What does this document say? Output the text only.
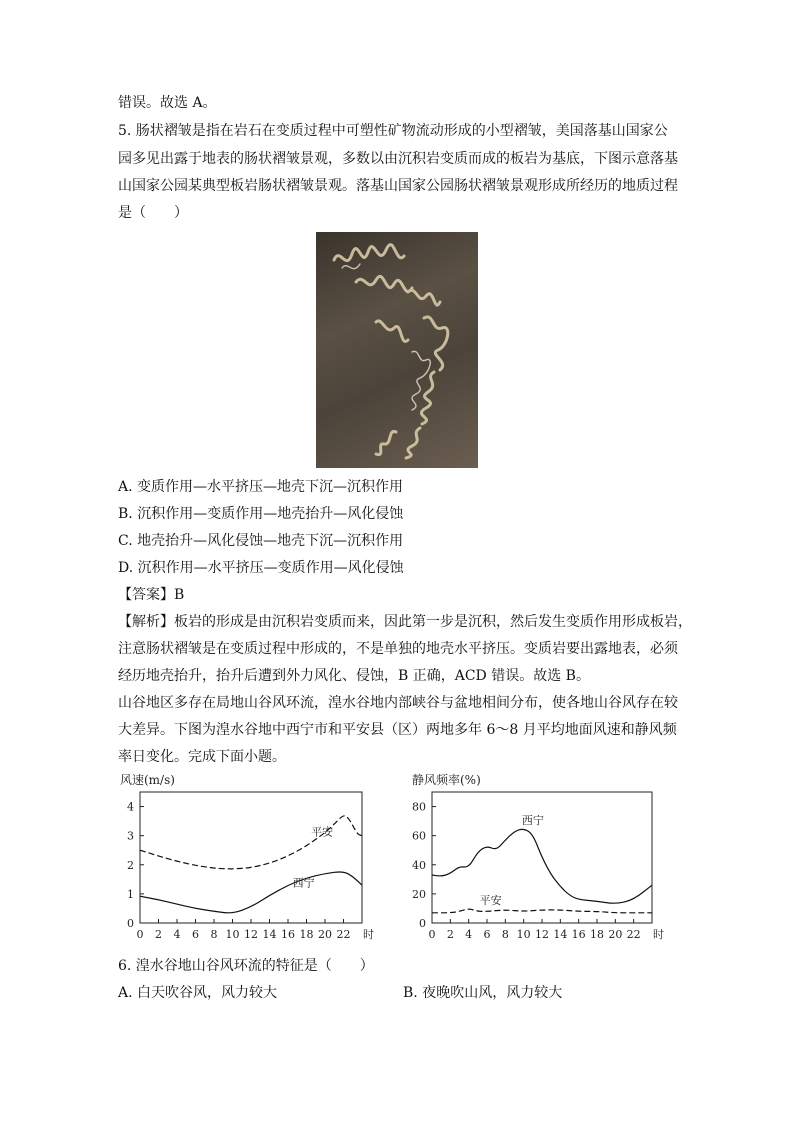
错误。故选 A。
5. 肠状褶皱是指在岩石在变质过程中可塑性矿物流动形成的小型褶皱，美国落基山国家公
园多见出露于地表的肠状褶皱景观，多数以由沉积岩变质而成的板岩为基底，下图示意落基
山国家公园某典型板岩肠状褶皱景观。落基山国家公园肠状褶皱景观形成所经历的地质过程
是（　　）
A. 变质作用—水平挤压—地壳下沉—沉积作用
B. 沉积作用—变质作用—地壳抬升—风化侵蚀
C. 地壳抬升—风化侵蚀—地壳下沉—沉积作用
D. 沉积作用—水平挤压—变质作用—风化侵蚀
【答案】B
【解析】板岩的形成是由沉积岩变质而来，因此第一步是沉积，然后发生变质作用形成板岩，
注意肠状褶皱是在变质过程中形成的，不是单独的地壳水平挤压。变质岩要出露地表，必须
经历地壳抬升，抬升后遭到外力风化、侵蚀，B 正确，ACD 错误。故选 B。
山谷地区多存在局地山谷风环流，湟水谷地内部峡谷与盆地相间分布，使各地山谷风存在较
大差异。下图为湟水谷地中西宁市和平安县（区）两地多年 6～8 月平均地面风速和静风频
率日变化。完成下面小题。
风速(m/s)
0
1
2
3
4
0 2 4 6 8 10 12 14 16 18 20 22 时
平安
西宁
静风频率(%)
0
20
40
60
80
0 2 4 6 8 10 12 14 16 18 20 22 时
西宁
平安
6. 湟水谷地山谷风环流的特征是（　　）
A. 白天吹谷风，风力较大	B. 夜晚吹山风，风力较大
